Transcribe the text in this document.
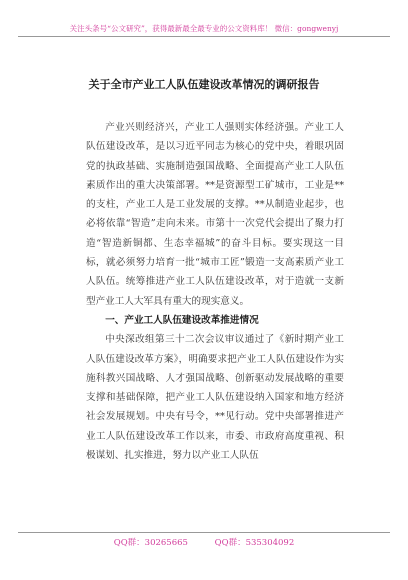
关注头条号“公文研究”，获得最新最全最专业的公文资料库！ 微信：gongwenyj
关于全市产业工人队伍建设改革情况的调研报告

产业兴则经济兴，产业工人强则实体经济强。产业工人队伍建设改革，是以习近平同志为核心的党中央，着眼巩固党的执政基础、实施制造强国战略、全面提高产业工人队伍素质作出的重大决策部署。**是资源型工矿城市，工业是**的支柱，产业工人是工业发展的支撑。**从制造业起步，也必将依靠“智造”走向未来。市第十一次党代会提出了聚力打造“智造新铜都、生态幸福城”的奋斗目标。要实现这一目标，就必须努力培育一批“城市工匠”锻造一支高素质产业工人队伍。统筹推进产业工人队伍建设改革，对于造就一支新型产业工人大军具有重大的现实意义。

一、产业工人队伍建设改革推进情况

中央深改组第三十二次会议审议通过了《新时期产业工人队伍建设改革方案》，明确要求把产业工人队伍建设作为实施科教兴国战略、人才强国战略、创新驱动发展战略的重要支撑和基础保障，把产业工人队伍建设纳入国家和地方经济社会发展规划。中央有号令，**见行动。党中央部署推进产业工人队伍建设改革工作以来，市委、市政府高度重视、积极谋划、扎实推进，努力以产业工人队伍

QQ群：30265665	QQ群：535304092
